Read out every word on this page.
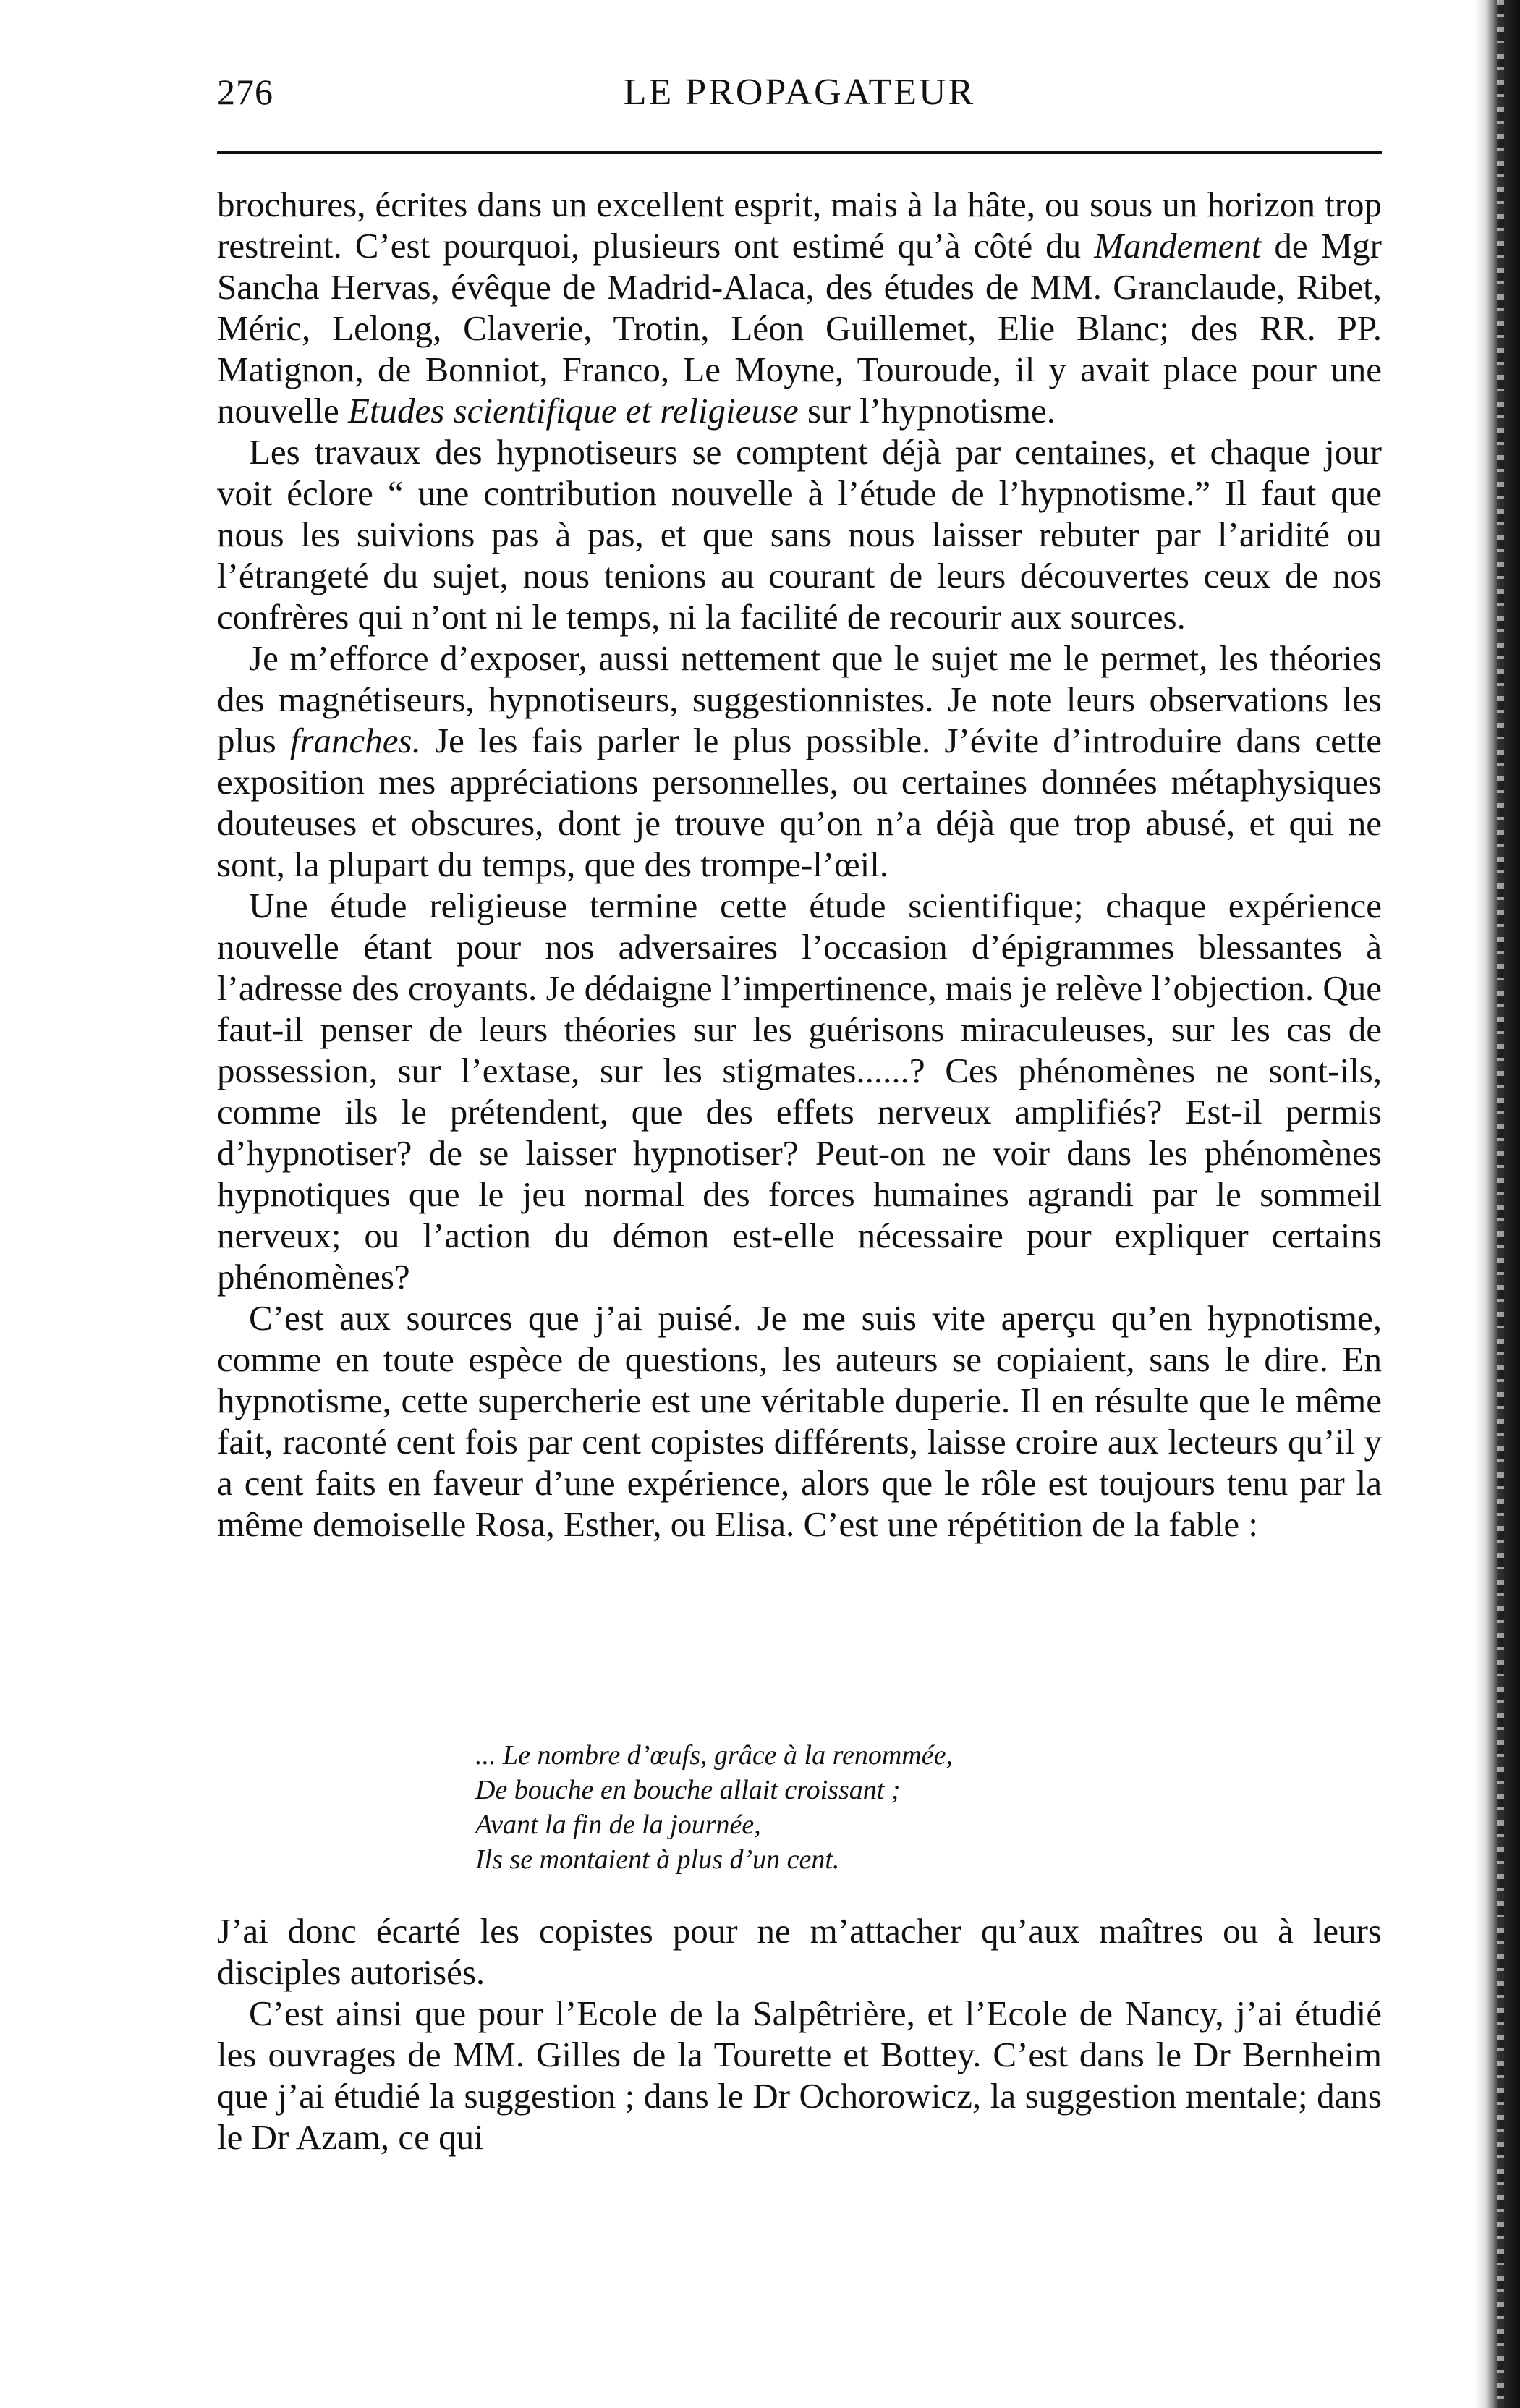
276	LE PROPAGATEUR

brochures, écrites dans un excellent esprit, mais à la hâte, ou sous un horizon trop restreint. C’est pourquoi, plusieurs ont estimé qu’à côté du Mandement de Mgr Sancha Hervas, évêque de Madrid-Alaca, des études de MM. Granclaude, Ribet, Méric, Lelong, Claverie, Trotin, Léon Guillemet, Elie Blanc; des RR. PP. Matignon, de Bonniot, Franco, Le Moyne, Touroude, il y avait place pour une nouvelle Etudes scientifique et religieuse sur l’hypnotisme.

Les travaux des hypnotiseurs se comptent déjà par centaines, et chaque jour voit éclore “ une contribution nouvelle à l’étude de l’hypnotisme.” Il faut que nous les suivions pas à pas, et que sans nous laisser rebuter par l’aridité ou l’étrangeté du sujet, nous tenions au courant de leurs découvertes ceux de nos confrères qui n’ont ni le temps, ni la facilité de recourir aux sources.

Je m’efforce d’exposer, aussi nettement que le sujet me le permet, les théories des magnétiseurs, hypnotiseurs, suggestionnistes. Je note leurs observations les plus franches. Je les fais parler le plus possible. J’évite d’introduire dans cette exposition mes appréciations personnelles, ou certaines données métaphysiques douteuses et obscures, dont je trouve qu’on n’a déjà que trop abusé, et qui ne sont, la plupart du temps, que des trompe-l’œil.

Une étude religieuse termine cette étude scientifique; chaque expérience nouvelle étant pour nos adversaires l’occasion d’épigrammes blessantes à l’adresse des croyants. Je dédaigne l’impertinence, mais je relève l’objection. Que faut-il penser de leurs théories sur les guérisons miraculeuses, sur les cas de possession, sur l’extase, sur les stigmates......? Ces phénomènes ne sont-ils, comme ils le prétendent, que des effets nerveux amplifiés? Est-il permis d’hypnotiser? de se laisser hypnotiser? Peut-on ne voir dans les phénomènes hypnotiques que le jeu normal des forces humaines agrandi par le sommeil nerveux; ou l’action du démon est-elle nécessaire pour expliquer certains phénomènes?

C’est aux sources que j’ai puisé. Je me suis vite aperçu qu’en hypnotisme, comme en toute espèce de questions, les auteurs se copiaient, sans le dire. En hypnotisme, cette supercherie est une véritable duperie. Il en résulte que le même fait, raconté cent fois par cent copistes différents, laisse croire aux lecteurs qu’il y a cent faits en faveur d’une expérience, alors que le rôle est toujours tenu par la même demoiselle Rosa, Esther, ou Elisa. C’est une répétition de la fable :

... Le nombre d’œufs, grâce à la renommée,
De bouche en bouche allait croissant ;
Avant la fin de la journée,
Ils se montaient à plus d’un cent.

J’ai donc écarté les copistes pour ne m’attacher qu’aux maîtres ou à leurs disciples autorisés.

C’est ainsi que pour l’Ecole de la Salpêtrière, et l’Ecole de Nancy, j’ai étudié les ouvrages de MM. Gilles de la Tourette et Bottey. C’est dans le Dr Bernheim que j’ai étudié la suggestion ; dans le Dr Ochorowicz, la suggestion mentale; dans le Dr Azam, ce qui
